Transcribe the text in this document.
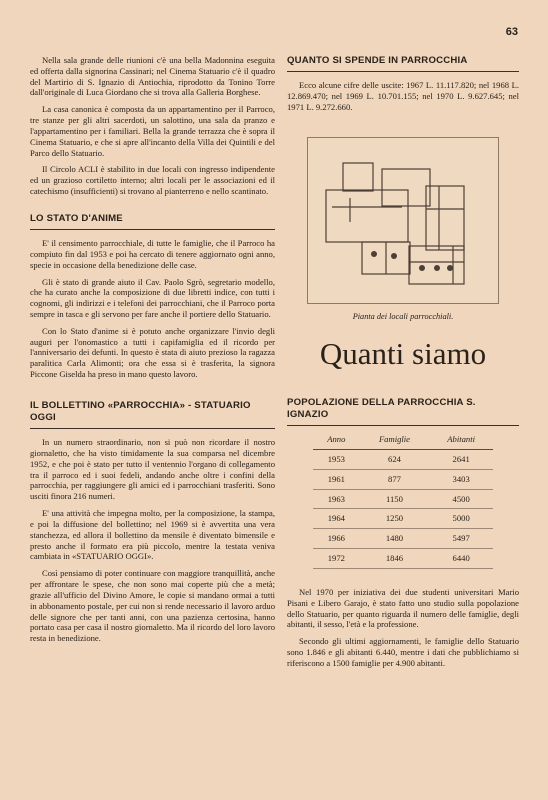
63

Nella sala grande delle riunioni c'è una bella Madonnina eseguita ed offerta dalla signorina Cassinari; nel Cinema Statuario c'è il quadro del Martirio di S. Ignazio di Antiochia, riprodotto da Tonino Torre dall'originale di Luca Giordano che si trova alla Galleria Borghese.

La casa canonica è composta da un appartamentino per il Parroco, tre stanze per gli altri sacerdoti, un salottino, una sala da pranzo e l'appartamentino per i familiari. Bella la grande terrazza che è sopra il Cinema Statuario, e che si apre all'incanto della Villa dei Quintili e del Parco dello Statuario.

Il Circolo ACLI è stabilito in due locali con ingresso indipendente ed un grazioso cortiletto interno; altri locali per le associazioni ed il catechismo (insufficienti) si trovano al pianterreno e nello scantinato.

LO STATO D'ANIME

E' il censimento parrocchiale, di tutte le famiglie, che il Parroco ha compiuto fin dal 1953 e poi ha cercato di tenere aggiornato ogni anno, specie in occasione della benedizione delle case.

Gli è stato di grande aiuto il Cav. Paolo Sgrò, segretario modello, che ha curato anche la composizione di due libretti indice, con tutti i cognomi, gli indirizzi e i telefoni dei parrocchiani, che il Parroco porta sempre in tasca e gli servono per fare anche il portiere dello Statuario.

Con lo Stato d'anime si è potuto anche organizzare l'invio degli auguri per l'onomastico a tutti i capifamiglia ed il ricordo per l'anniversario dei defunti. In questo è stata di aiuto prezioso la ragazza paralitica Carla Alimonti; ora che essa si è trasferita, la signora Piccone Giselda ha preso in mano questo lavoro.

IL BOLLETTINO «PARROCCHIA» - STATUARIO OGGI

In un numero straordinario, non si può non ricordare il nostro giornaletto, che ha visto timidamente la sua comparsa nel dicembre 1952, e che poi è stato per tutto il ventennio l'organo di collegamento tra il parroco ed i suoi fedeli, andando anche oltre i confini della parrocchia, per raggiungere gli amici ed i parrocchiani trasferiti. Sono usciti finora 216 numeri.

E' una attività che impegna molto, per la composizione, la stampa, e poi la diffusione del bollettino; nel 1969 si è avvertita una vera stanchezza, ed allora il bollettino da mensile è diventato bimensile e presto anche il formato era più piccolo, mentre la testata veniva cambiata in «STATUARIO OGGI».

Così pensiamo di poter continuare con maggiore tranquillità, anche per affrontare le spese, che non sono mai coperte più che a metà; grazie all'ufficio del Divino Amore, le copie si mandano ormai a tutti in abbonamento postale, per cui non si rende necessario il lavoro arduo delle signore che per tanti anni, con una pazienza certosina, hanno portato casa per casa il nostro giornaletto. Ma il ricordo del loro lavoro resta in benedizione.

QUANTO SI SPENDE IN PARROCCHIA

Ecco alcune cifre delle uscite: 1967 L. 11.117.820; nel 1968 L. 12.869.470; nel 1969 L. 10.701.155; nel 1970 L. 9.627.645; nel 1971 L. 9.272.660.

Pianta dei locali parrocchiali.
Quanti siamo
POPOLAZIONE DELLA PARROCCHIA S. IGNAZIO
Anno	Famiglie	Abitanti
1953	624	2641
1961	877	3403
1963	1150	4500
1964	1250	5000
1966	1480	5497
1972	1846	6440

Nel 1970 per iniziativa dei due studenti universitari Mario Pisani e Libero Garajo, è stato fatto uno studio sulla popolazione dello Statuario, per quanto riguarda il numero delle famiglie, degli abitanti, il sesso, l'età e la professione.

Secondo gli ultimi aggiornamenti, le famiglie dello Statuario sono 1.846 e gli abitanti 6.440, mentre i dati che pubblichiamo si riferiscono a 1500 famiglie per 4.900 abitanti.
